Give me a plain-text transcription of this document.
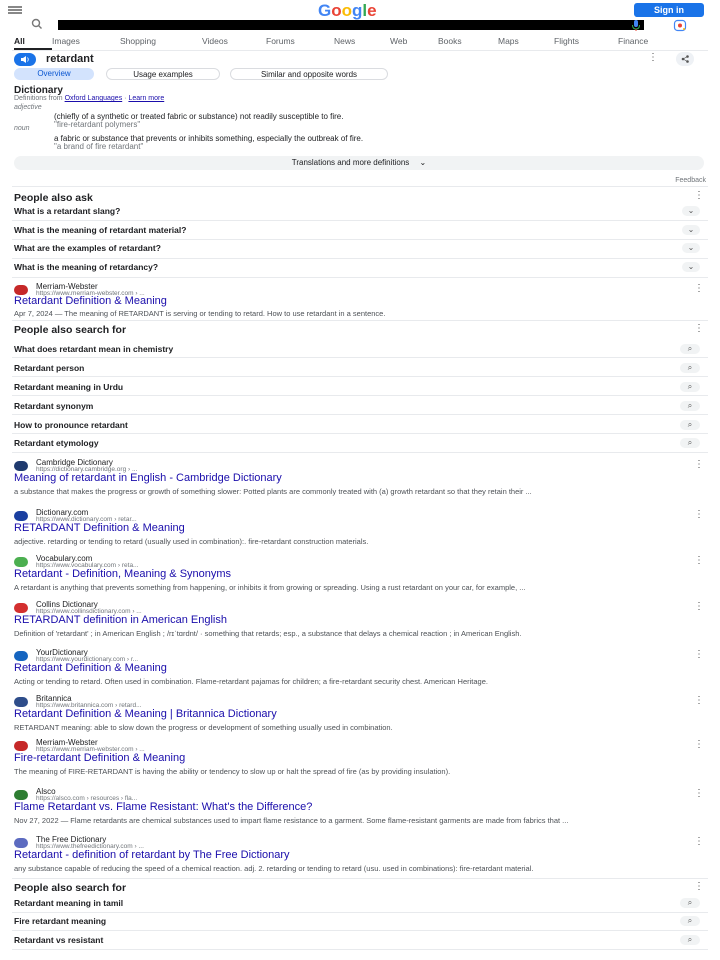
Google	Sign in
All	Images	Shopping	Videos	Forums	News	Web	Books	Maps	Flights	Finance
retardant	⋮
Overview	Usage examples	Similar and opposite words
Dictionary
Definitions from Oxford Languages · Learn more
adjective
(chiefly of a synthetic or treated fabric or substance) not readily susceptible to fire.
"fire-retardant polymers"
noun
a fabric or substance that prevents or inhibits something, especially the outbreak of fire.
"a brand of fire retardant"
Translations and more definitions ⌄
Feedback
People also ask	⋮
What is a retardant slang?	⌄
What is the meaning of retardant material?	⌄
What are the examples of retardant?	⌄
What is the meaning of retardancy?	⌄
Merriam-Webster
https://www.merriam-webster.com › ...	⋮
Retardant Definition & Meaning
Apr 7, 2024 — The meaning of RETARDANT is serving or tending to retard. How to use retardant in a sentence.
People also search for	⋮
What does retardant mean in chemistry	⌕
Retardant person	⌕
Retardant meaning in Urdu	⌕
Retardant synonym	⌕
How to pronounce retardant	⌕
Retardant etymology	⌕
Cambridge Dictionary
https://dictionary.cambridge.org › ...	⋮
Meaning of retardant in English - Cambridge Dictionary
a substance that makes the progress or growth of something slower: Potted plants are commonly treated with (a) growth retardant so that they retain their ...
Dictionary.com
https://www.dictionary.com › retar...	⋮
RETARDANT Definition & Meaning
adjective. retarding or tending to retard (usually used in combination):. fire-retardant construction materials.
Vocabulary.com
https://www.vocabulary.com › reta...	⋮
Retardant - Definition, Meaning & Synonyms
A retardant is anything that prevents something from happening, or inhibits it from growing or spreading. Using a rust retardant on your car, for example, ...
Collins Dictionary
https://www.collinsdictionary.com › ...	⋮
RETARDANT definition in American English
Definition of 'retardant' ; in American English ; /rɪˈtɑrdnt/ · something that retards; esp., a substance that delays a chemical reaction ; in American English.
YourDictionary
https://www.yourdictionary.com › r...	⋮
Retardant Definition & Meaning
Acting or tending to retard. Often used in combination. Flame-retardant pajamas for children; a fire-retardant security chest. American Heritage.
Britannica
https://www.britannica.com › retard...	⋮
Retardant Definition & Meaning | Britannica Dictionary
RETARDANT meaning: able to slow down the progress or development of something usually used in combination.
Merriam-Webster
https://www.merriam-webster.com › ...	⋮
Fire-retardant Definition & Meaning
The meaning of FIRE-RETARDANT is having the ability or tendency to slow up or halt the spread of fire (as by providing insulation).
Alsco
https://alsco.com › resources › fla...	⋮
Flame Retardant vs. Flame Resistant: What's the Difference?
Nov 27, 2022 — Flame retardants are chemical substances used to impart flame resistance to a garment. Some flame-resistant garments are made from fabrics that ...
The Free Dictionary
https://www.thefreedictionary.com › ...	⋮
Retardant - definition of retardant by The Free Dictionary
any substance capable of reducing the speed of a chemical reaction. adj. 2. retarding or tending to retard (usu. used in combinations): fire-retardant material.
People also search for	⋮
Retardant meaning in tamil	⌕
Fire retardant meaning	⌕
Retardant vs resistant	⌕
